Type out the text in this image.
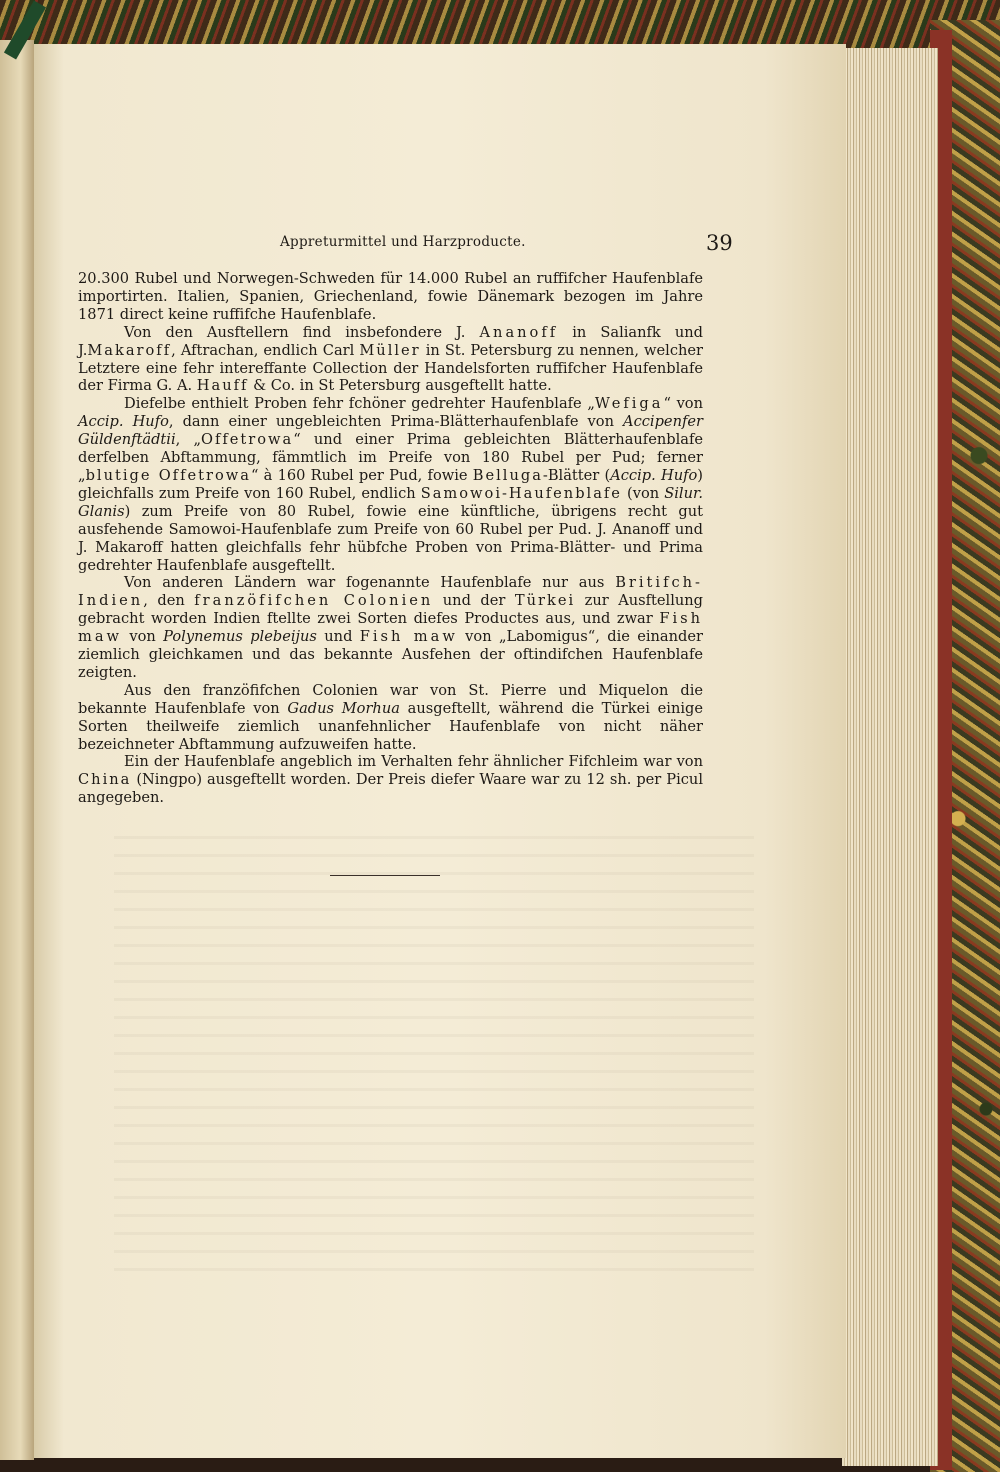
Appreturmittel und Harzproducte.	39

20.300 Rubel und Norwegen-Schweden für 14.000 Rubel an ruffifcher Haufenblafe importirten. Italien, Spanien, Griechenland, fowie Dänemark bezogen im Jahre 1871 direct keine ruffifche Haufenblafe.

Von den Ausftellern find insbefondere J. Ananoff in Salianfk und J.Makaroff, Aftrachan, endlich Carl Müller in St. Petersburg zu nennen, welcher Letztere eine fehr intereffante Collection der Handelsforten ruffifcher Haufenblafe der Firma G. A. Hauff & Co. in St Petersburg ausgeftellt hatte.

Diefelbe enthielt Proben fehr fchöner gedrehter Haufenblafe „Wefiga“ von Accip. Hufo, dann einer ungebleichten Prima-Blätterhaufenblafe von Accipenfer Güldenftädtii, „Offetrowa“ und einer Prima gebleichten Blätterhaufenblafe derfelben Abftammung, fämmtlich im Preife von 180 Rubel per Pud; ferner „blutige Offetrowa“ à 160 Rubel per Pud, fowie Belluga-Blätter (Accip. Hufo) gleichfalls zum Preife von 160 Rubel, endlich Samowoi-Haufenblafe (von Silur. Glanis) zum Preife von 80 Rubel, fowie eine künftliche, übrigens recht gut ausfehende Samowoi-Haufenblafe zum Preife von 60 Rubel per Pud. J. Ananoff und J. Makaroff hatten gleichfalls fehr hübfche Proben von Prima-Blätter- und Prima gedrehter Haufenblafe ausgeftellt.

Von anderen Ländern war fogenannte Haufenblafe nur aus Britifch-Indien, den franzöfifchen Colonien und der Türkei zur Ausftellung gebracht worden Indien ftellte zwei Sorten diefes Productes aus, und zwar Fish maw von Polynemus plebeijus und Fish maw von „Labomigus“, die einander ziemlich gleichkamen und das bekannte Ausfehen der oftindifchen Haufenblafe zeigten.

Aus den franzöfifchen Colonien war von St. Pierre und Miquelon die bekannte Haufenblafe von Gadus Morhua ausgeftellt, während die Türkei einige Sorten theilweife ziemlich unanfehnlicher Haufenblafe von nicht näher bezeichneter Abftammung aufzuweifen hatte.

Ein der Haufenblafe angeblich im Verhalten fehr ähnlicher Fifchleim war von China (Ningpo) ausgeftellt worden. Der Preis diefer Waare war zu 12 sh. per Picul angegeben.
